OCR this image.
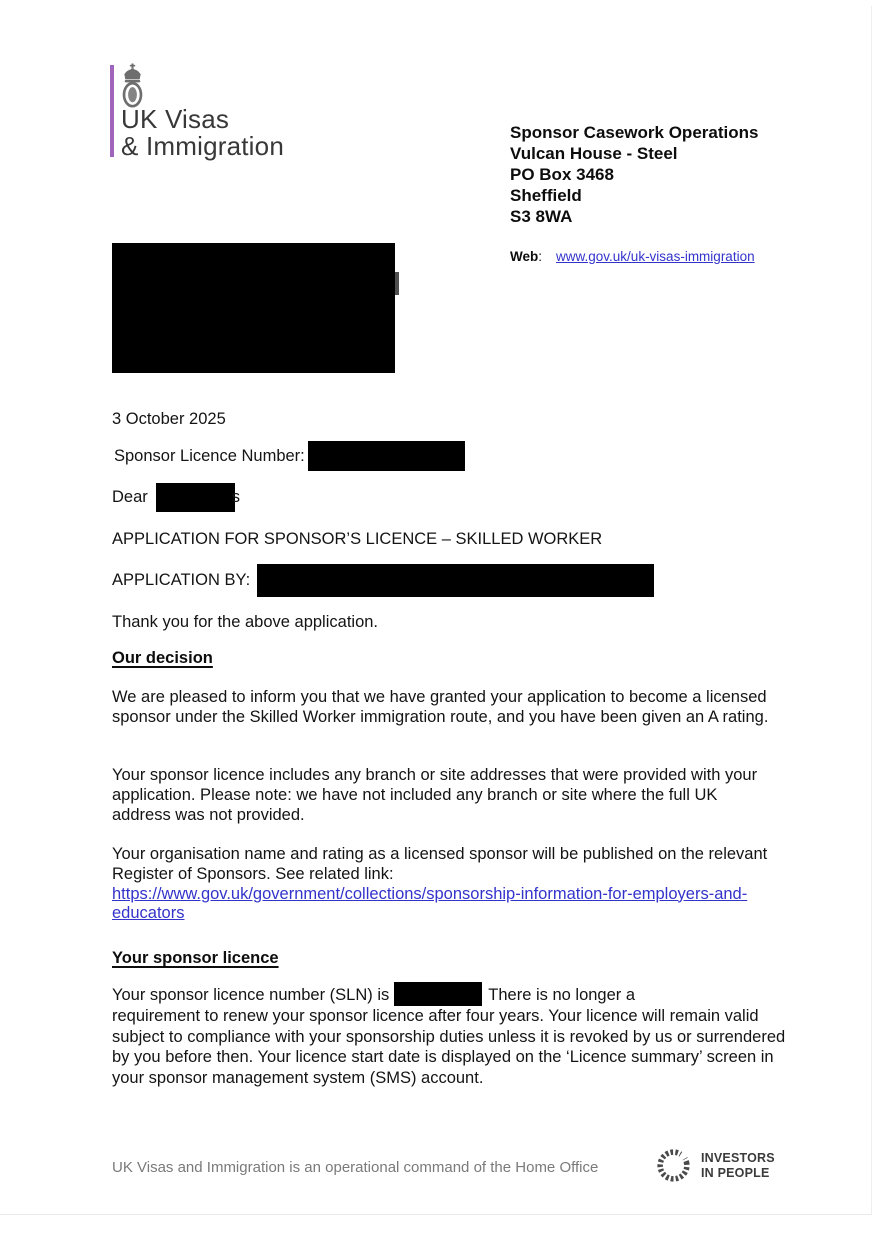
UK Visas
& Immigration	Sponsor Casework Operations
Vulcan House - Steel
PO Box 3468
Sheffield
S3 8WA
Web: www.gov.uk/uk-visas-immigration
3 October 2025
Sponsor Licence Number:
Dear	s
APPLICATION FOR SPONSOR’S LICENCE – SKILLED WORKER
APPLICATION BY:
Thank you for the above application.
Our decision
We are pleased to inform you that we have granted your application to become a licensed sponsor under the Skilled Worker immigration route, and you have been given an A rating.
Your sponsor licence includes any branch or site addresses that were provided with your application. Please note: we have not included any branch or site where the full UK address was not provided.
Your organisation name and rating as a licensed sponsor will be published on the relevant Register of Sponsors. See related link:
https://www.gov.uk/government/collections/sponsorship-information-for-employers-and-educators
Your sponsor licence
Your sponsor licence number (SLN) is	There is no longer a
requirement to renew your sponsor licence after four years. Your licence will remain valid subject to compliance with your sponsorship duties unless it is revoked by us or surrendered by you before then. Your licence start date is displayed on the ‘Licence summary’ screen in your sponsor management system (SMS) account.
UK Visas and Immigration is an operational command of the Home Office
INVESTORS
IN PEOPLE
